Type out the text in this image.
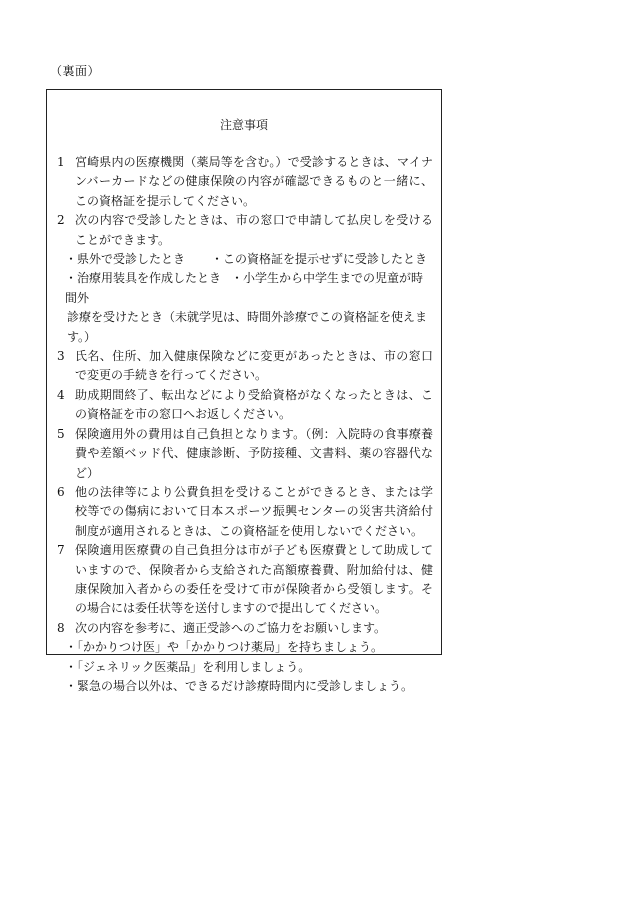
（裏面）
注意事項
1 宮崎県内の医療機関（薬局等を含む。）で受診するときは、マイナンバーカードなどの健康保険の内容が確認できるものと一緒に、この資格証を提示してください。
2 次の内容で受診したときは、市の窓口で申請して払戻しを受けることができます。
・県外で受診したとき ・この資格証を提示せずに受診したとき
・治療用装具を作成したとき ・小学生から中学生までの児童が時間外
診療を受けたとき（未就学児は、時間外診療でこの資格証を使えます。）
3 氏名、住所、加入健康保険などに変更があったときは、市の窓口で変更の手続きを行ってください。
4 助成期間終了、転出などにより受給資格がなくなったときは、この資格証を市の窓口へお返しください。
5 保険適用外の費用は自己負担となります。（例：入院時の食事療養費や差額ベッド代、健康診断、予防接種、文書料、薬の容器代など）
6 他の法律等により公費負担を受けることができるとき、または学校等での傷病において日本スポーツ振興センターの災害共済給付制度が適用されるときは、この資格証を使用しないでください。
7 保険適用医療費の自己負担分は市が子ども医療費として助成していますので、保険者から支給された高額療養費、附加給付は、健康保険加入者からの委任を受けて市が保険者から受領します。その場合には委任状等を送付しますので提出してください。
8 次の内容を参考に、適正受診へのご協力をお願いします。
・「かかりつけ医」や「かかりつけ薬局」を持ちましょう。
・「ジェネリック医薬品」を利用しましょう。
・緊急の場合以外は、できるだけ診療時間内に受診しましょう。
